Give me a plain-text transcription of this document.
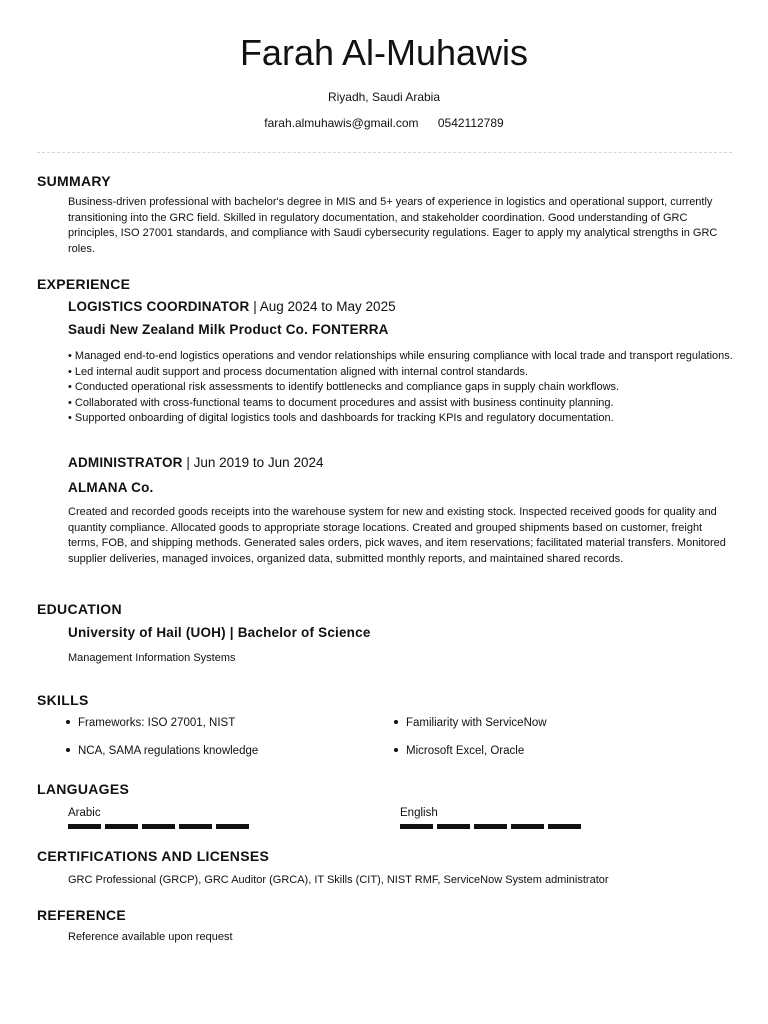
Farah Al-Muhawis
Riyadh, Saudi Arabia
farah.almuhawis@gmail.com 0542112789
SUMMARY
Business-driven professional with bachelor's degree in MIS and 5+ years of experience in logistics and operational support, currently transitioning into the GRC field. Skilled in regulatory documentation, and stakeholder coordination. Good understanding of GRC principles, ISO 27001 standards, and compliance with Saudi cybersecurity regulations. Eager to apply my analytical strengths in GRC roles.
EXPERIENCE
LOGISTICS COORDINATOR | Aug 2024 to May 2025
Saudi New Zealand Milk Product Co. FONTERRA
• Managed end-to-end logistics operations and vendor relationships while ensuring compliance with local trade and transport regulations.
• Led internal audit support and process documentation aligned with internal control standards.
• Conducted operational risk assessments to identify bottlenecks and compliance gaps in supply chain workflows.
• Collaborated with cross-functional teams to document procedures and assist with business continuity planning.
• Supported onboarding of digital logistics tools and dashboards for tracking KPIs and regulatory documentation.
ADMINISTRATOR | Jun 2019 to Jun 2024
ALMANA Co.
Created and recorded goods receipts into the warehouse system for new and existing stock. Inspected received goods for quality and quantity compliance. Allocated goods to appropriate storage locations. Created and grouped shipments based on customer, freight terms, FOB, and shipping methods. Generated sales orders, pick waves, and item reservations; facilitated material transfers. Monitored supplier deliveries, managed invoices, organized data, submitted monthly reports, and maintained shared records.
EDUCATION
University of Hail (UOH) | Bachelor of Science
Management Information Systems
SKILLS
Frameworks: ISO 27001, NIST	Familiarity with ServiceNow
NCA, SAMA regulations knowledge	Microsoft Excel, Oracle
LANGUAGES
Arabic	English
CERTIFICATIONS AND LICENSES
GRC Professional (GRCP), GRC Auditor (GRCA), IT Skills (CIT), NIST RMF, ServiceNow System administrator
REFERENCE
Reference available upon request
